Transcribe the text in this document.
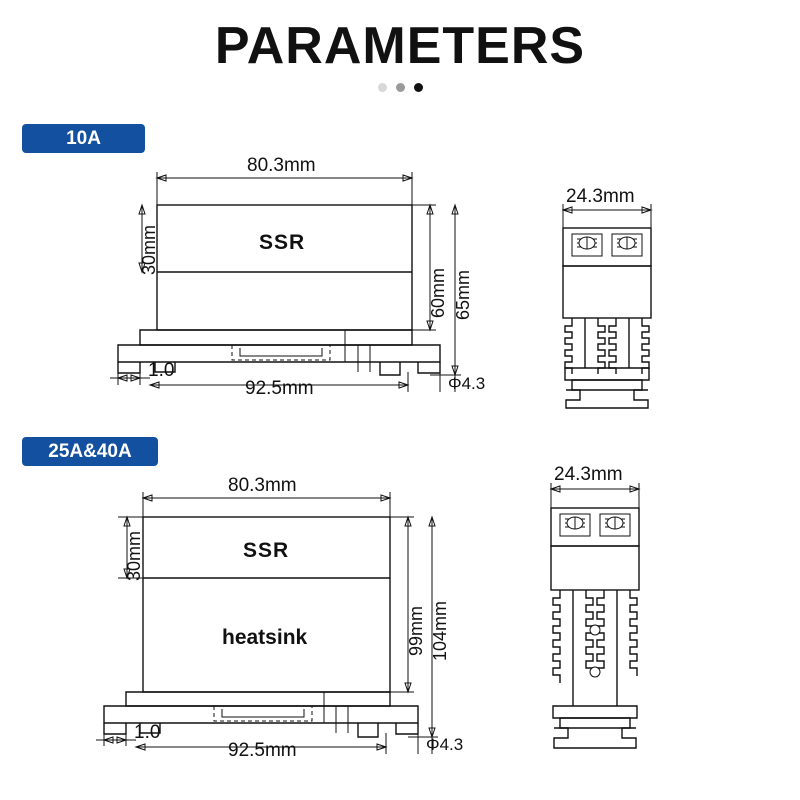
PARAMETERS
10A
25A&40A
80.3mm
30mm
60mm 65mm
SSR
1.0
92.5mm	Φ4.3
24.3mm
80.3mm
30mm
99mm 104mm
SSR
heatsink
1.0
92.5mm	Φ4.3
24.3mm
